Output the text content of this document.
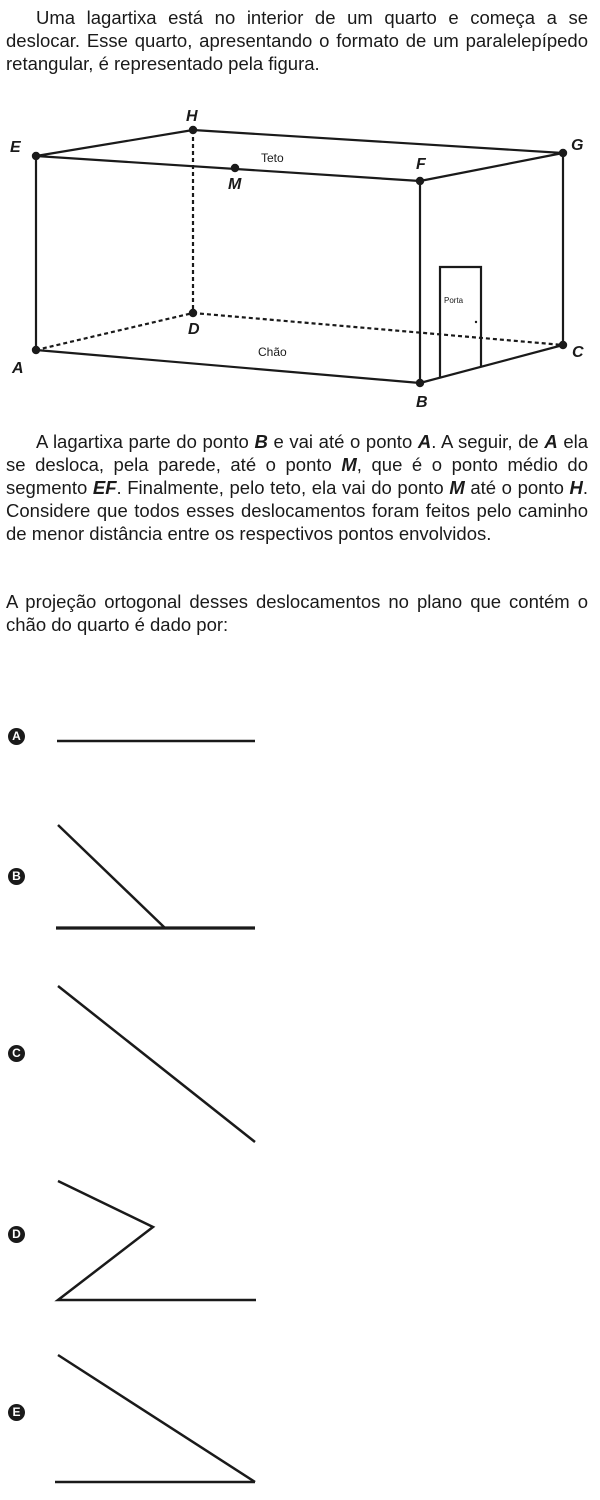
Uma lagartixa está no interior de um quarto e começa a se deslocar. Esse quarto, apresentando o formato de um paralelepípedo retangular, é representado pela figura.

E
H
G
F
M
D
A
B
C
Teto
Chão
Porta

A lagartixa parte do ponto B e vai até o ponto A. A seguir, de A ela se desloca, pela parede, até o ponto M, que é o ponto médio do segmento EF. Finalmente, pelo teto, ela vai do ponto M até o ponto H. Considere que todos esses deslocamentos foram feitos pelo caminho de menor distância entre os respectivos pontos envolvidos.

A projeção ortogonal desses deslocamentos no plano que contém o chão do quarto é dado por:

A
B
C
D
E
